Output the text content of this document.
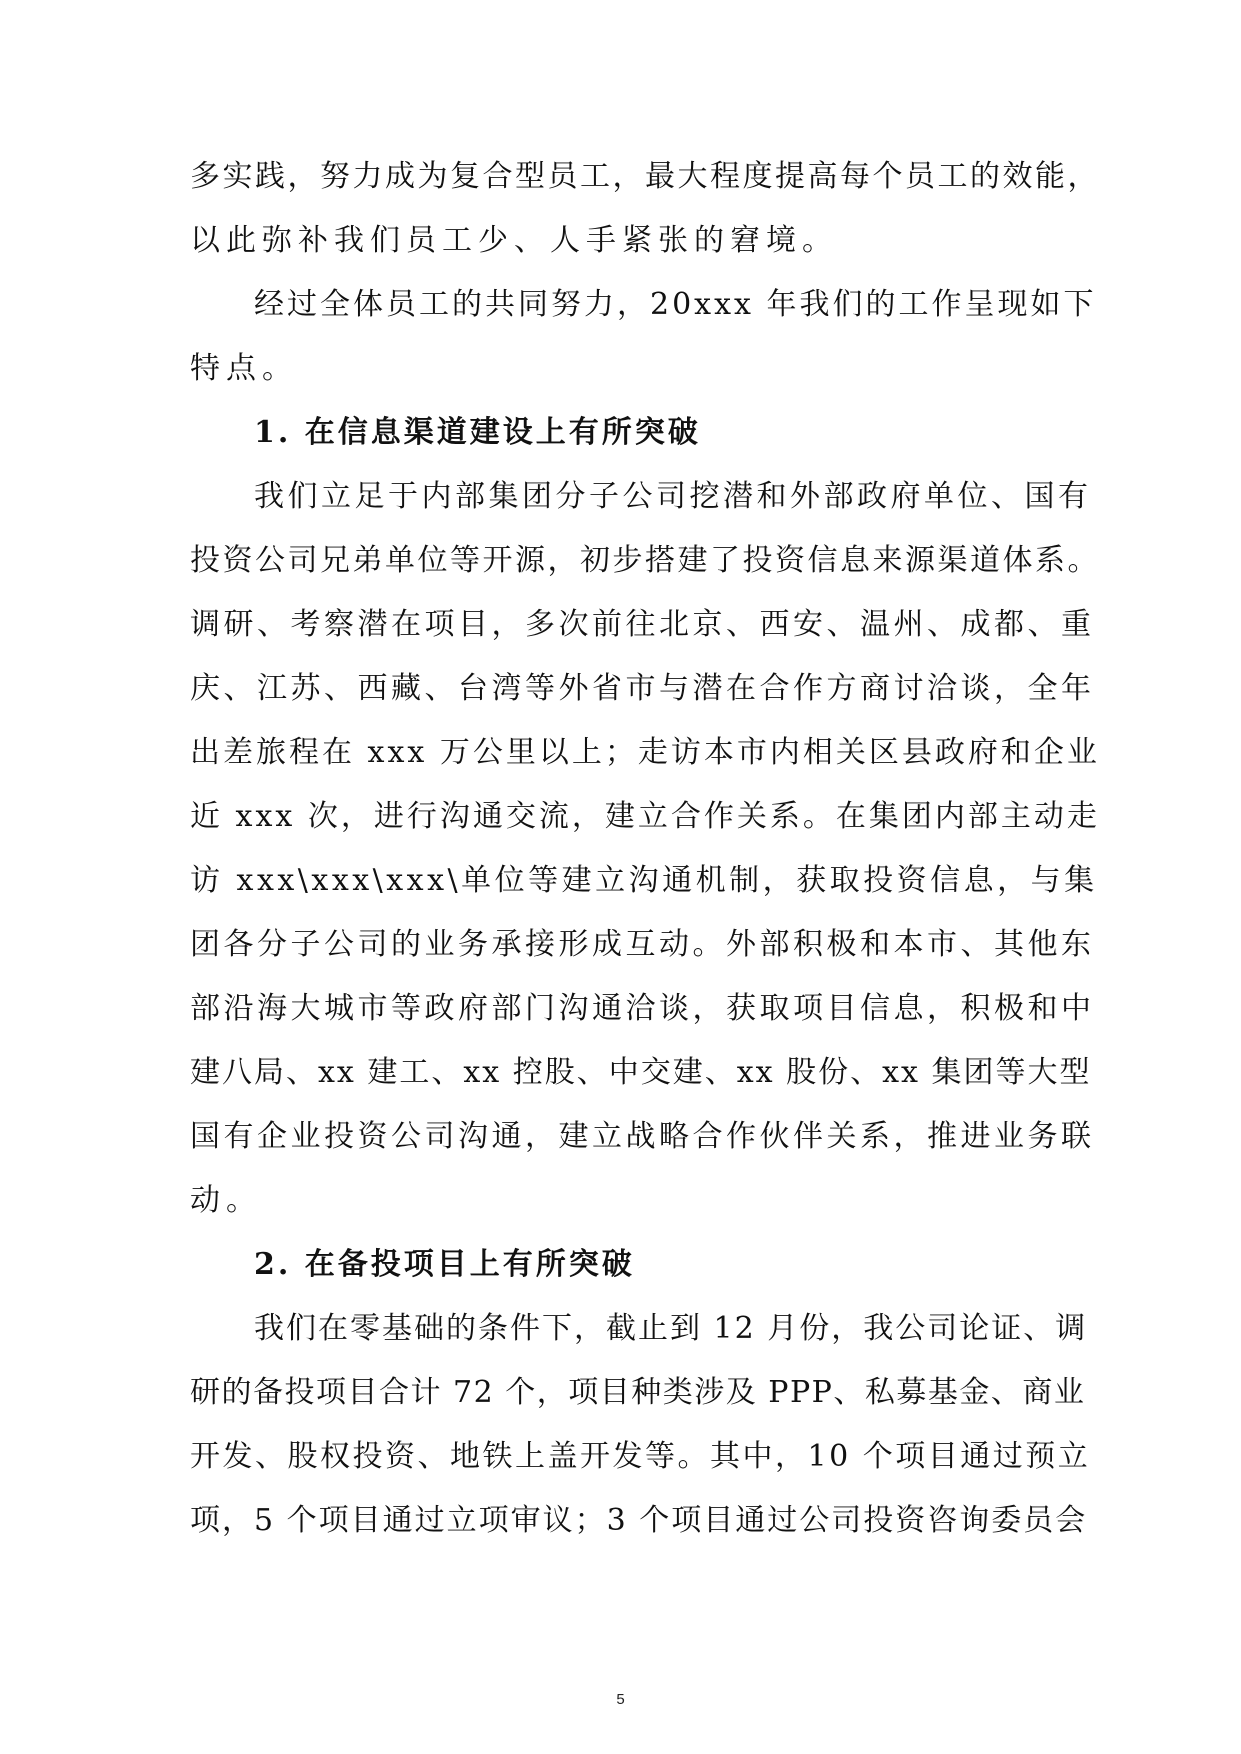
多实践，努力成为复合型员工，最大程度提高每个员工的效能，
以此弥补我们员工少、人手紧张的窘境。
经过全体员工的共同努力，20xxx 年我们的工作呈现如下
特点。
1. 在信息渠道建设上有所突破
我们立足于内部集团分子公司挖潜和外部政府单位、国有
投资公司兄弟单位等开源，初步搭建了投资信息来源渠道体系。
调研、考察潜在项目，多次前往北京、西安、温州、成都、重
庆、江苏、西藏、台湾等外省市与潜在合作方商讨洽谈，全年
出差旅程在 xxx 万公里以上；走访本市内相关区县政府和企业
近 xxx 次，进行沟通交流，建立合作关系。在集团内部主动走
访 xxx\xxx\xxx\单位等建立沟通机制，获取投资信息，与集
团各分子公司的业务承接形成互动。外部积极和本市、其他东
部沿海大城市等政府部门沟通洽谈，获取项目信息，积极和中
建八局、xx 建工、xx 控股、中交建、xx 股份、xx 集团等大型
国有企业投资公司沟通，建立战略合作伙伴关系，推进业务联
动。
2. 在备投项目上有所突破
我们在零基础的条件下，截止到 12 月份，我公司论证、调
研的备投项目合计 72 个，项目种类涉及 PPP、私募基金、商业
开发、股权投资、地铁上盖开发等。其中，10 个项目通过预立
项，5 个项目通过立项审议；3 个项目通过公司投资咨询委员会
5
